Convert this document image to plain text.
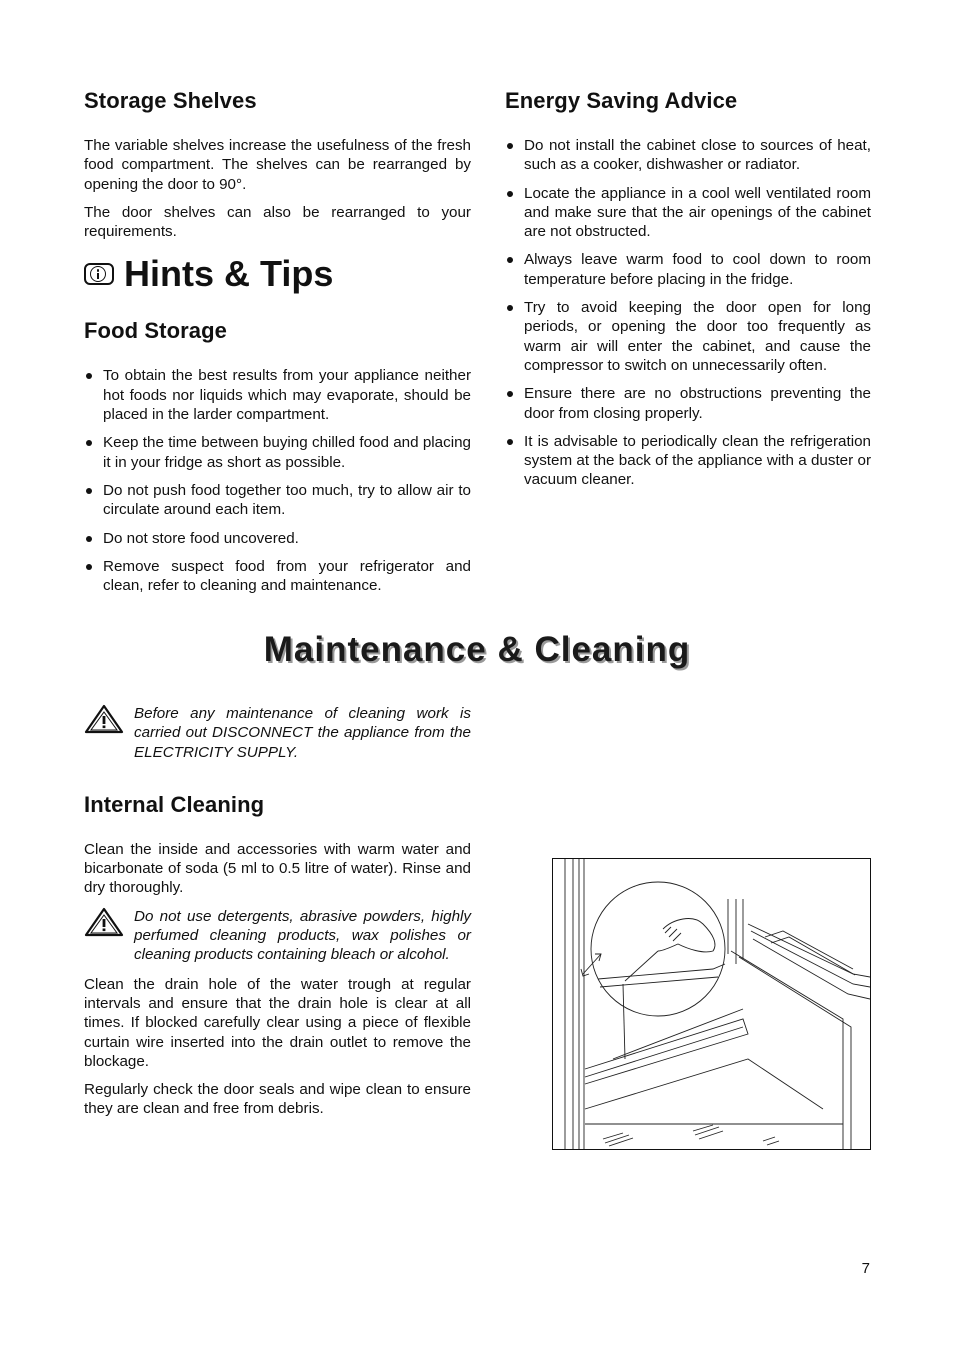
Storage Shelves

The variable shelves increase the usefulness of the fresh food compartment. The shelves can be rearranged by opening the door to 90°.

The door shelves can also be rearranged to your requirements.

Hints & Tips
Food Storage
To obtain the best results from your appliance neither hot foods nor liquids which may evaporate, should be placed in the larder compartment.
Keep the time between buying chilled food and placing it in your fridge as short as possible.
Do not push food together too much, try to allow air to circulate around each item.
Do not store food uncovered.
Remove suspect food from your refrigerator and clean, refer to cleaning and maintenance.
Energy Saving Advice
Do not install the cabinet close to sources of heat, such as a cooker, dishwasher or radiator.
Locate the appliance in a cool well ventilated room and make sure that the air openings of the cabinet are not obstructed.
Always leave warm food to cool down to room temperature before placing in the fridge.
Try to avoid keeping the door open for long periods, or opening the door too frequently as warm air will enter the cabinet, and cause the compressor to switch on unnecessarily often.
Ensure there are no obstructions preventing the door from closing properly.
It is advisable to periodically clean the refrigeration system at the back of the appliance with a duster or vacuum cleaner.
Maintenance & Cleaning

Before any maintenance of cleaning work is carried out DISCONNECT the appliance from the ELECTRICITY SUPPLY.

Internal Cleaning

Clean the inside and accessories with warm water and bicarbonate of soda (5 ml to 0.5 litre of water). Rinse and dry thoroughly.

Do not use detergents, abrasive powders, highly perfumed cleaning products, wax polishes or cleaning products containing bleach or alcohol.

Clean the drain hole of the water trough at regular intervals and ensure that the drain hole is clear at all times. If blocked carefully clear using a piece of flexible curtain wire inserted into the drain outlet to remove the blockage.

Regularly check the door seals and wipe clean to ensure they are clean and free from debris.

7
